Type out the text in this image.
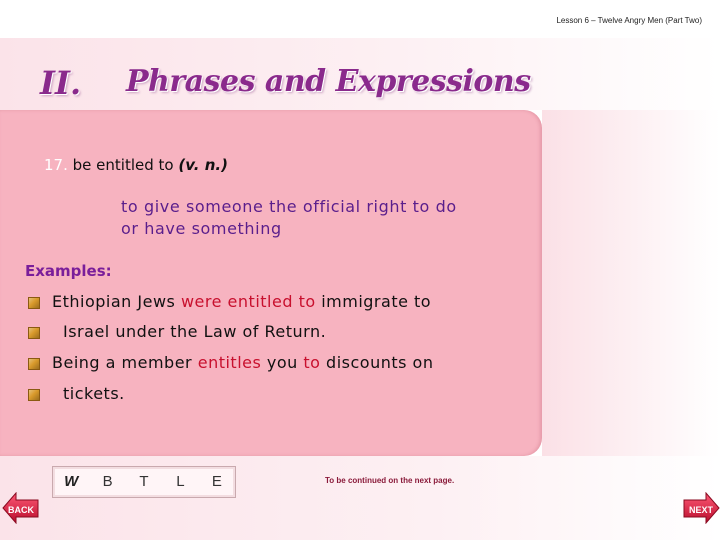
Lesson 6 – Twelve Angry Men (Part Two)
II. Phrases and Expressions
17. be entitled to (v. n.)
to give someone the official right to do
or have something
Examples:
Ethiopian Jews were entitled to immigrate to
Israel under the Law of Return.
Being a member entitles you to discounts on
tickets.
W	B	T	L	E	To be continued on the next page.
BACK	NEXT
